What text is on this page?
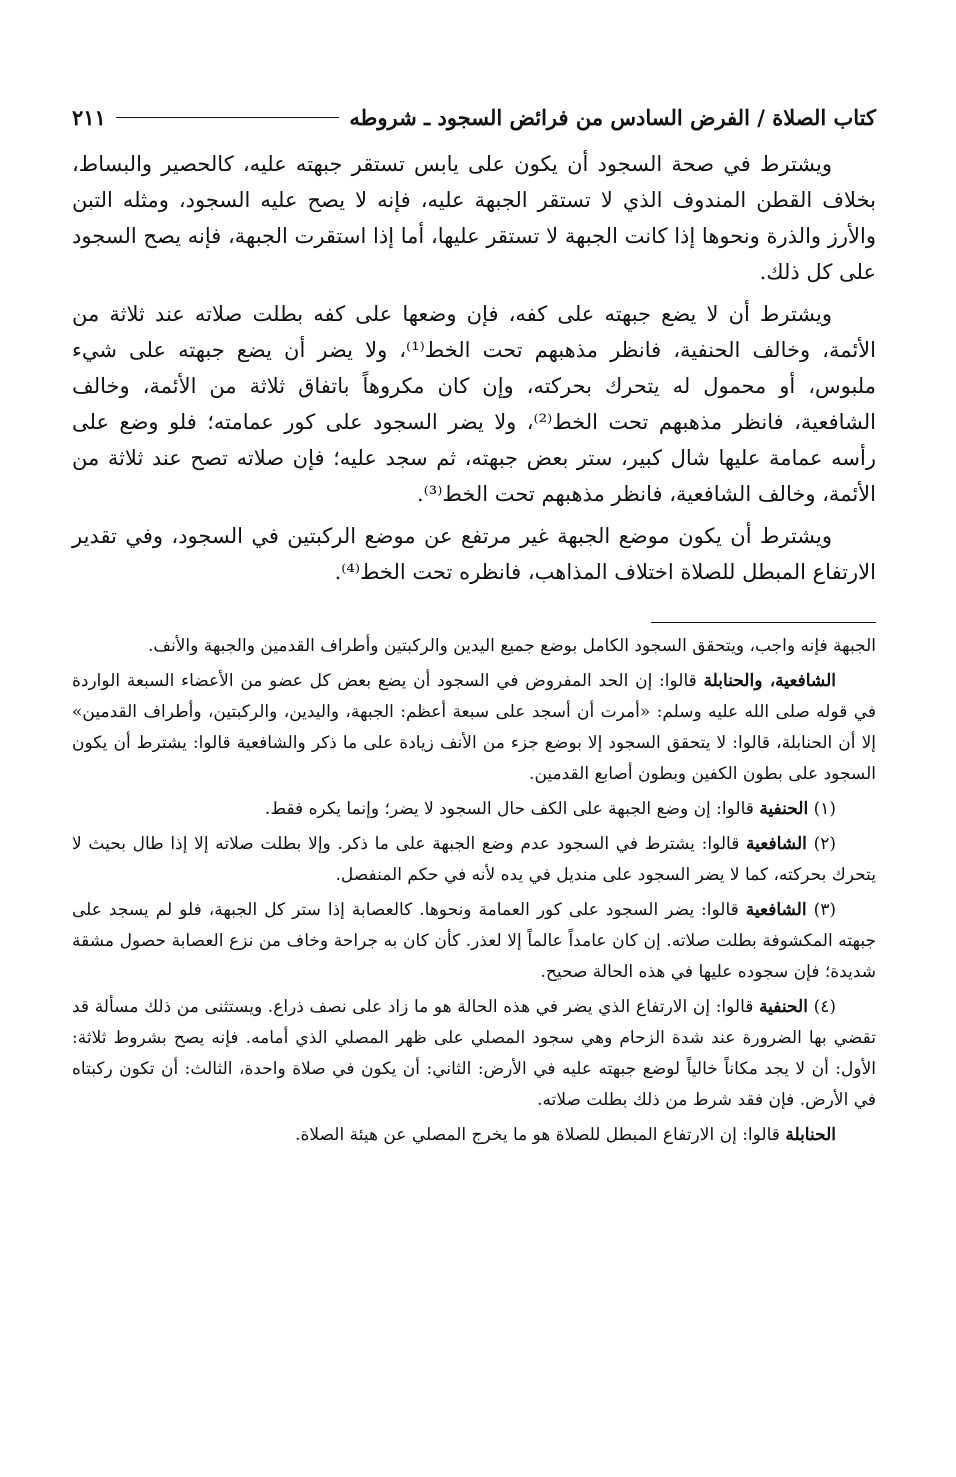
كتاب الصلاة / الفرض السادس من فرائض السجود ـ شروطه
٢١١

ويشترط في صحة السجود أن يكون على يابس تستقر جبهته عليه، كالحصير والبساط، بخلاف القطن المندوف الذي لا تستقر الجبهة عليه، فإنه لا يصح عليه السجود، ومثله التبن والأرز والذرة ونحوها إذا كانت الجبهة لا تستقر عليها، أما إذا استقرت الجبهة، فإنه يصح السجود على كل ذلك.

ويشترط أن لا يضع جبهته على كفه، فإن وضعها على كفه بطلت صلاته عند ثلاثة من الأئمة، وخالف الحنفية، فانظر مذهبهم تحت الخط⁽¹⁾، ولا يضر أن يضع جبهته على شيء ملبوس، أو محمول له يتحرك بحركته، وإن كان مكروهاً باتفاق ثلاثة من الأئمة، وخالف الشافعية، فانظر مذهبهم تحت الخط⁽²⁾، ولا يضر السجود على كور عمامته؛ فلو وضع على رأسه عمامة عليها شال كبير، ستر بعض جبهته، ثم سجد عليه؛ فإن صلاته تصح عند ثلاثة من الأئمة، وخالف الشافعية، فانظر مذهبهم تحت الخط⁽³⁾.

ويشترط أن يكون موضع الجبهة غير مرتفع عن موضع الركبتين في السجود، وفي تقدير الارتفاع المبطل للصلاة اختلاف المذاهب، فانظره تحت الخط⁽⁴⁾.

الجبهة فإنه واجب، ويتحقق السجود الكامل بوضع جميع اليدين والركبتين وأطراف القدمين والجبهة والأنف.

الشافعية، والحنابلة قالوا: إن الحد المفروض في السجود أن يضع بعض كل عضو من الأعضاء السبعة الواردة في قوله صلى الله عليه وسلم: «أمرت أن أسجد على سبعة أعظم: الجبهة، واليدين، والركبتين، وأطراف القدمين» إلا أن الحنابلة، قالوا: لا يتحقق السجود إلا بوضع جزء من الأنف زيادة على ما ذكر والشافعية قالوا: يشترط أن يكون السجود على بطون الكفين وبطون أصابع القدمين.

(١) الحنفية قالوا: إن وضع الجبهة على الكف حال السجود لا يضر؛ وإنما يكره فقط.

(٢) الشافعية قالوا: يشترط في السجود عدم وضع الجبهة على ما ذكر. وإلا بطلت صلاته إلا إذا طال بحيث لا يتحرك بحركته، كما لا يضر السجود على منديل في يده لأنه في حكم المنفصل.

(٣) الشافعية قالوا: يضر السجود على كور العمامة ونحوها. كالعصابة إذا ستر كل الجبهة، فلو لم يسجد على جبهته المكشوفة بطلت صلاته. إن كان عامداً عالماً إلا لعذر. كأن كان به جراحة وخاف من نزع العصابة حصول مشقة شديدة؛ فإن سجوده عليها في هذه الحالة صحيح.

(٤) الحنفية قالوا: إن الارتفاع الذي يضر في هذه الحالة هو ما زاد على نصف ذراع. ويستثنى من ذلك مسألة قد تقضي بها الضرورة عند شدة الزحام وهي سجود المصلي على ظهر المصلي الذي أمامه. فإنه يصح بشروط ثلاثة: الأول: أن لا يجد مكاناً خالياً لوضع جبهته عليه في الأرض: الثاني: أن يكون في صلاة واحدة، الثالث: أن تكون ركبتاه في الأرض. فإن فقد شرط من ذلك بطلت صلاته.

الحنابلة قالوا: إن الارتفاع المبطل للصلاة هو ما يخرج المصلي عن هيئة الصلاة.
